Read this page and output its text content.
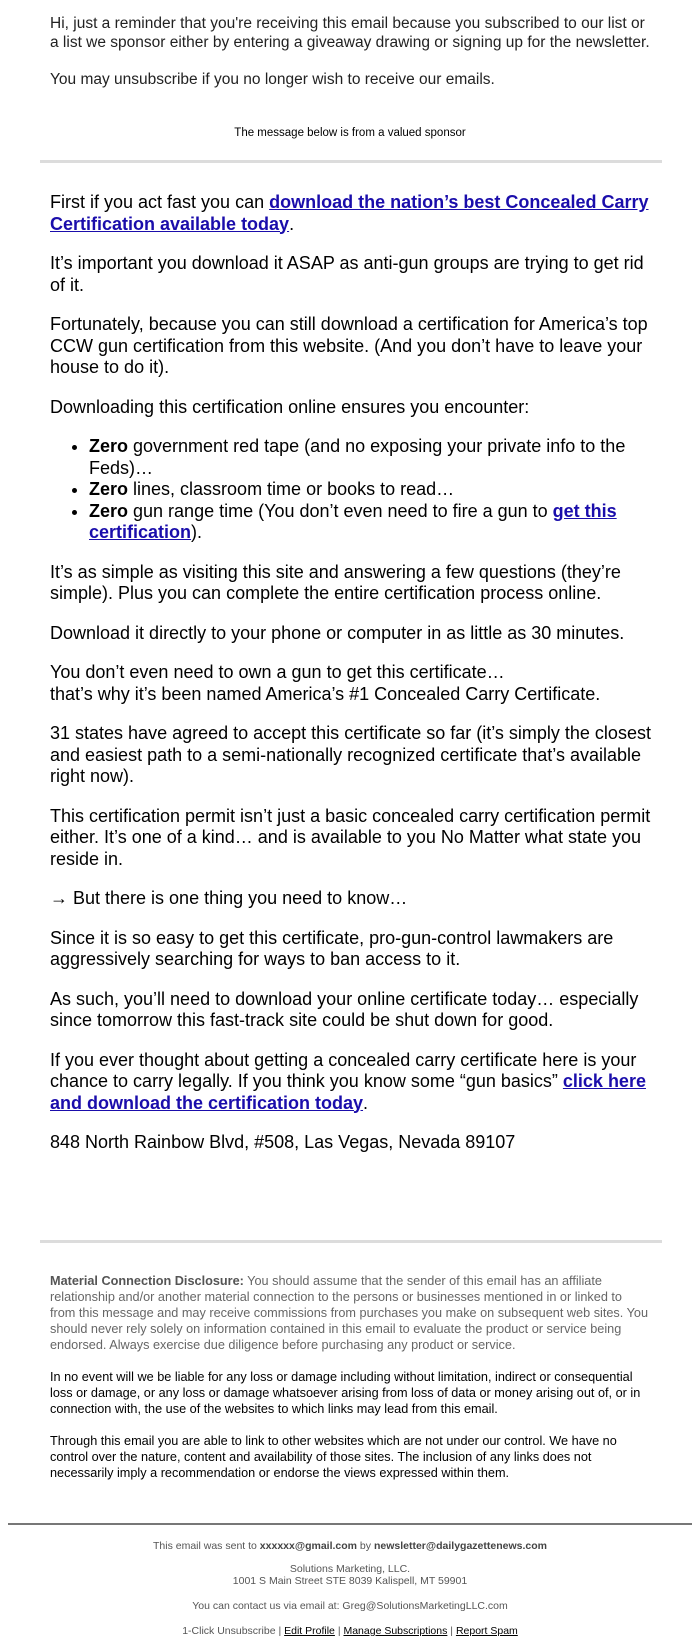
Hi, just a reminder that you're receiving this email because you subscribed to our list or a list we sponsor either by entering a giveaway drawing or signing up for the newsletter.

You may unsubscribe if you no longer wish to receive our emails.

The message below is from a valued sponsor

First if you act fast you can download the nation’s best Concealed Carry Certification available today.

It’s important you download it ASAP as anti-gun groups are trying to get rid of it.

Fortunately, because you can still download a certification for America’s top CCW gun certification from this website. (And you don’t have to leave your house to do it).

Downloading this certification online ensures you encounter:

• Zero government red tape (and no exposing your private info to the Feds)…
• Zero lines, classroom time or books to read…
• Zero gun range time (You don’t even need to fire a gun to get this certification).

It’s as simple as visiting this site and answering a few questions (they’re simple). Plus you can complete the entire certification process online.

Download it directly to your phone or computer in as little as 30 minutes.

You don’t even need to own a gun to get this certificate…
that’s why it’s been named America’s #1 Concealed Carry Certificate.

31 states have agreed to accept this certificate so far (it’s simply the closest and easiest path to a semi-nationally recognized certificate that’s available right now).

This certification permit isn’t just a basic concealed carry certification permit either. It’s one of a kind… and is available to you No Matter what state you reside in.

→ But there is one thing you need to know…

Since it is so easy to get this certificate, pro-gun-control lawmakers are aggressively searching for ways to ban access to it.

As such, you’ll need to download your online certificate today… especially since tomorrow this fast-track site could be shut down for good.

If you ever thought about getting a concealed carry certificate here is your chance to carry legally. If you think you know some “gun basics” click here and download the certification today.

848 North Rainbow Blvd, #508, Las Vegas, Nevada 89107

Material Connection Disclosure: You should assume that the sender of this email has an affiliate relationship and/or another material connection to the persons or businesses mentioned in or linked to from this message and may receive commissions from purchases you make on subsequent web sites. You should never rely solely on information contained in this email to evaluate the product or service being endorsed. Always exercise due diligence before purchasing any product or service.

In no event will we be liable for any loss or damage including without limitation, indirect or consequential loss or damage, or any loss or damage whatsoever arising from loss of data or money arising out of, or in connection with, the use of the websites to which links may lead from this email.

Through this email you are able to link to other websites which are not under our control. We have no control over the nature, content and availability of those sites. The inclusion of any links does not necessarily imply a recommendation or endorse the views expressed within them.

This email was sent to xxxxxx@gmail.com by newsletter@dailygazettenews.com

Solutions Marketing, LLC.

1001 S Main Street STE 8039 Kalispell, MT 59901

You can contact us via email at: Greg@SolutionsMarketingLLC.com

1-Click Unsubscribe | Edit Profile | Manage Subscriptions | Report Spam
